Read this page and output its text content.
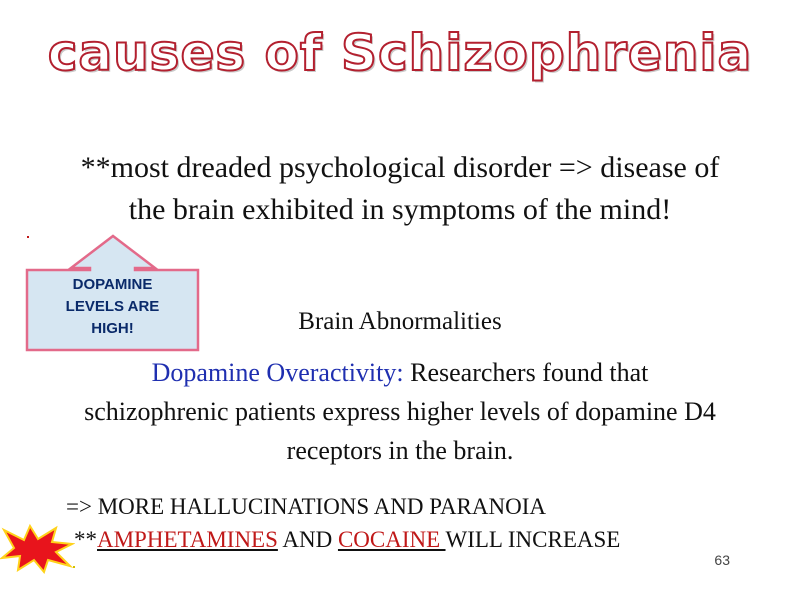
causes of Schizophrenia
**most dreaded psychological disorder => disease of the brain exhibited in symptoms of the mind!
DOPAMINE
LEVELS ARE
HIGH!	Brain Abnormalities
Dopamine Overactivity: Researchers found that schizophrenic patients express higher levels of dopamine D4 receptors in the brain.
=> MORE HALLUCINATIONS AND PARANOIA
**AMPHETAMINES AND COCAINE WILL INCREASE
63
